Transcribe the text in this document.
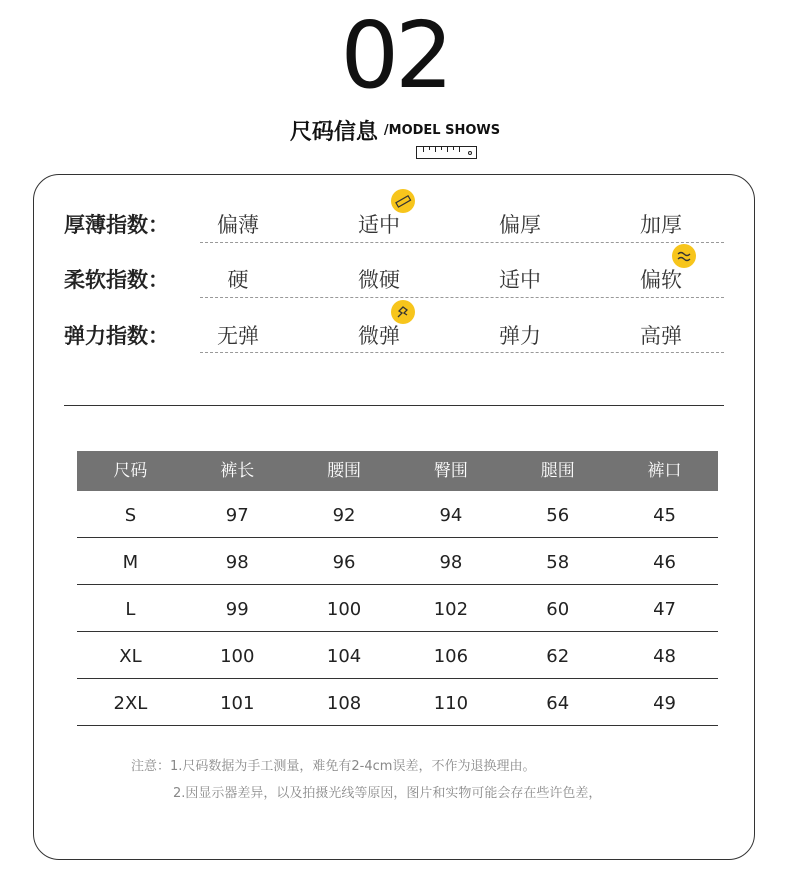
02
尺码信息 /MODEL SHOWS
厚薄指数：	偏薄	适中	偏厚	加厚
柔软指数：	硬	微硬	适中	偏软
弹力指数：	无弹	微弹	弹力	高弹
尺码	裤长	腰围	臀围	腿围	裤口
S	97	92	94	56	45
M	98	96	98	58	46
L	99	100	102	60	47
XL	100	104	106	62	48
2XL	101	108	110	64	49
注意：1.尺码数据为手工测量，难免有2-4cm误差，不作为退换理由。
2.因显示器差异，以及拍摄光线等原因，图片和实物可能会存在些许色差，
